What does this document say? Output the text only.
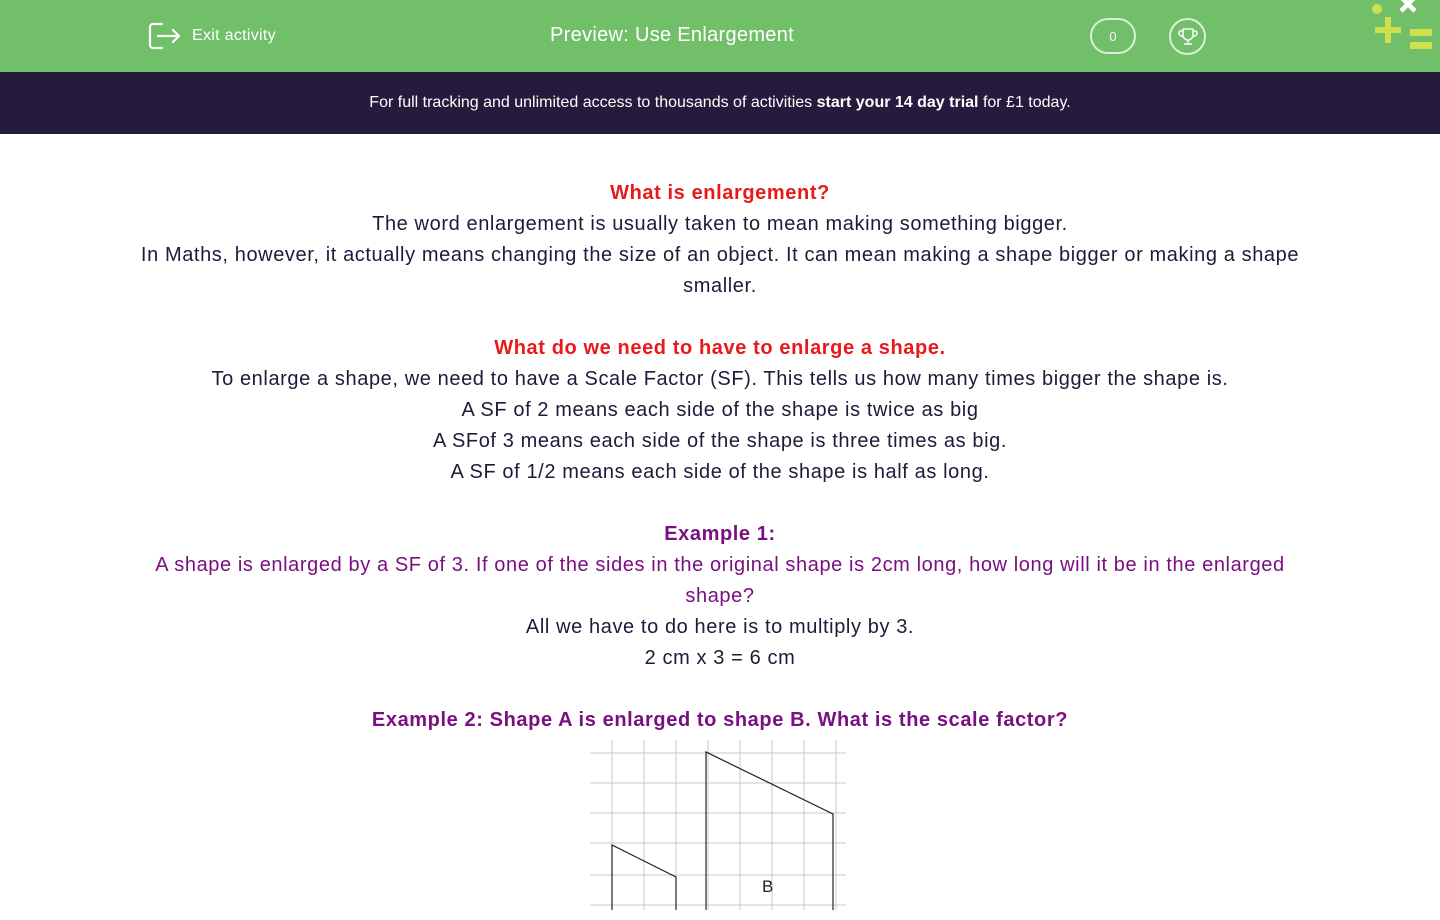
Exit activity	Preview: Use Enlargement	0
For full tracking and unlimited access to thousands of activities
start your 14 day trial
for £1 today.
What is enlargement?
The word enlargement is usually taken to mean making something bigger.
In Maths, however, it actually means changing the size of an object. It can mean making a shape bigger or making a shape smaller.
What do we need to have to enlarge a shape.
To enlarge a shape, we need to have a Scale Factor (SF). This tells us how many times bigger the shape is.
A SF of 2 means each side of the shape is twice as big
A SFof 3 means each side of the shape is three times as big.
A SF of 1/2 means each side of the shape is half as long.
Example 1:
A shape is enlarged by a SF of 3. If one of the sides in the original shape is 2cm long, how long will it be in the enlarged shape?
All we have to do here is to multiply by 3.
2 cm x 3 = 6 cm
Example 2: Shape A is enlarged to shape B. What is the scale factor?
B
